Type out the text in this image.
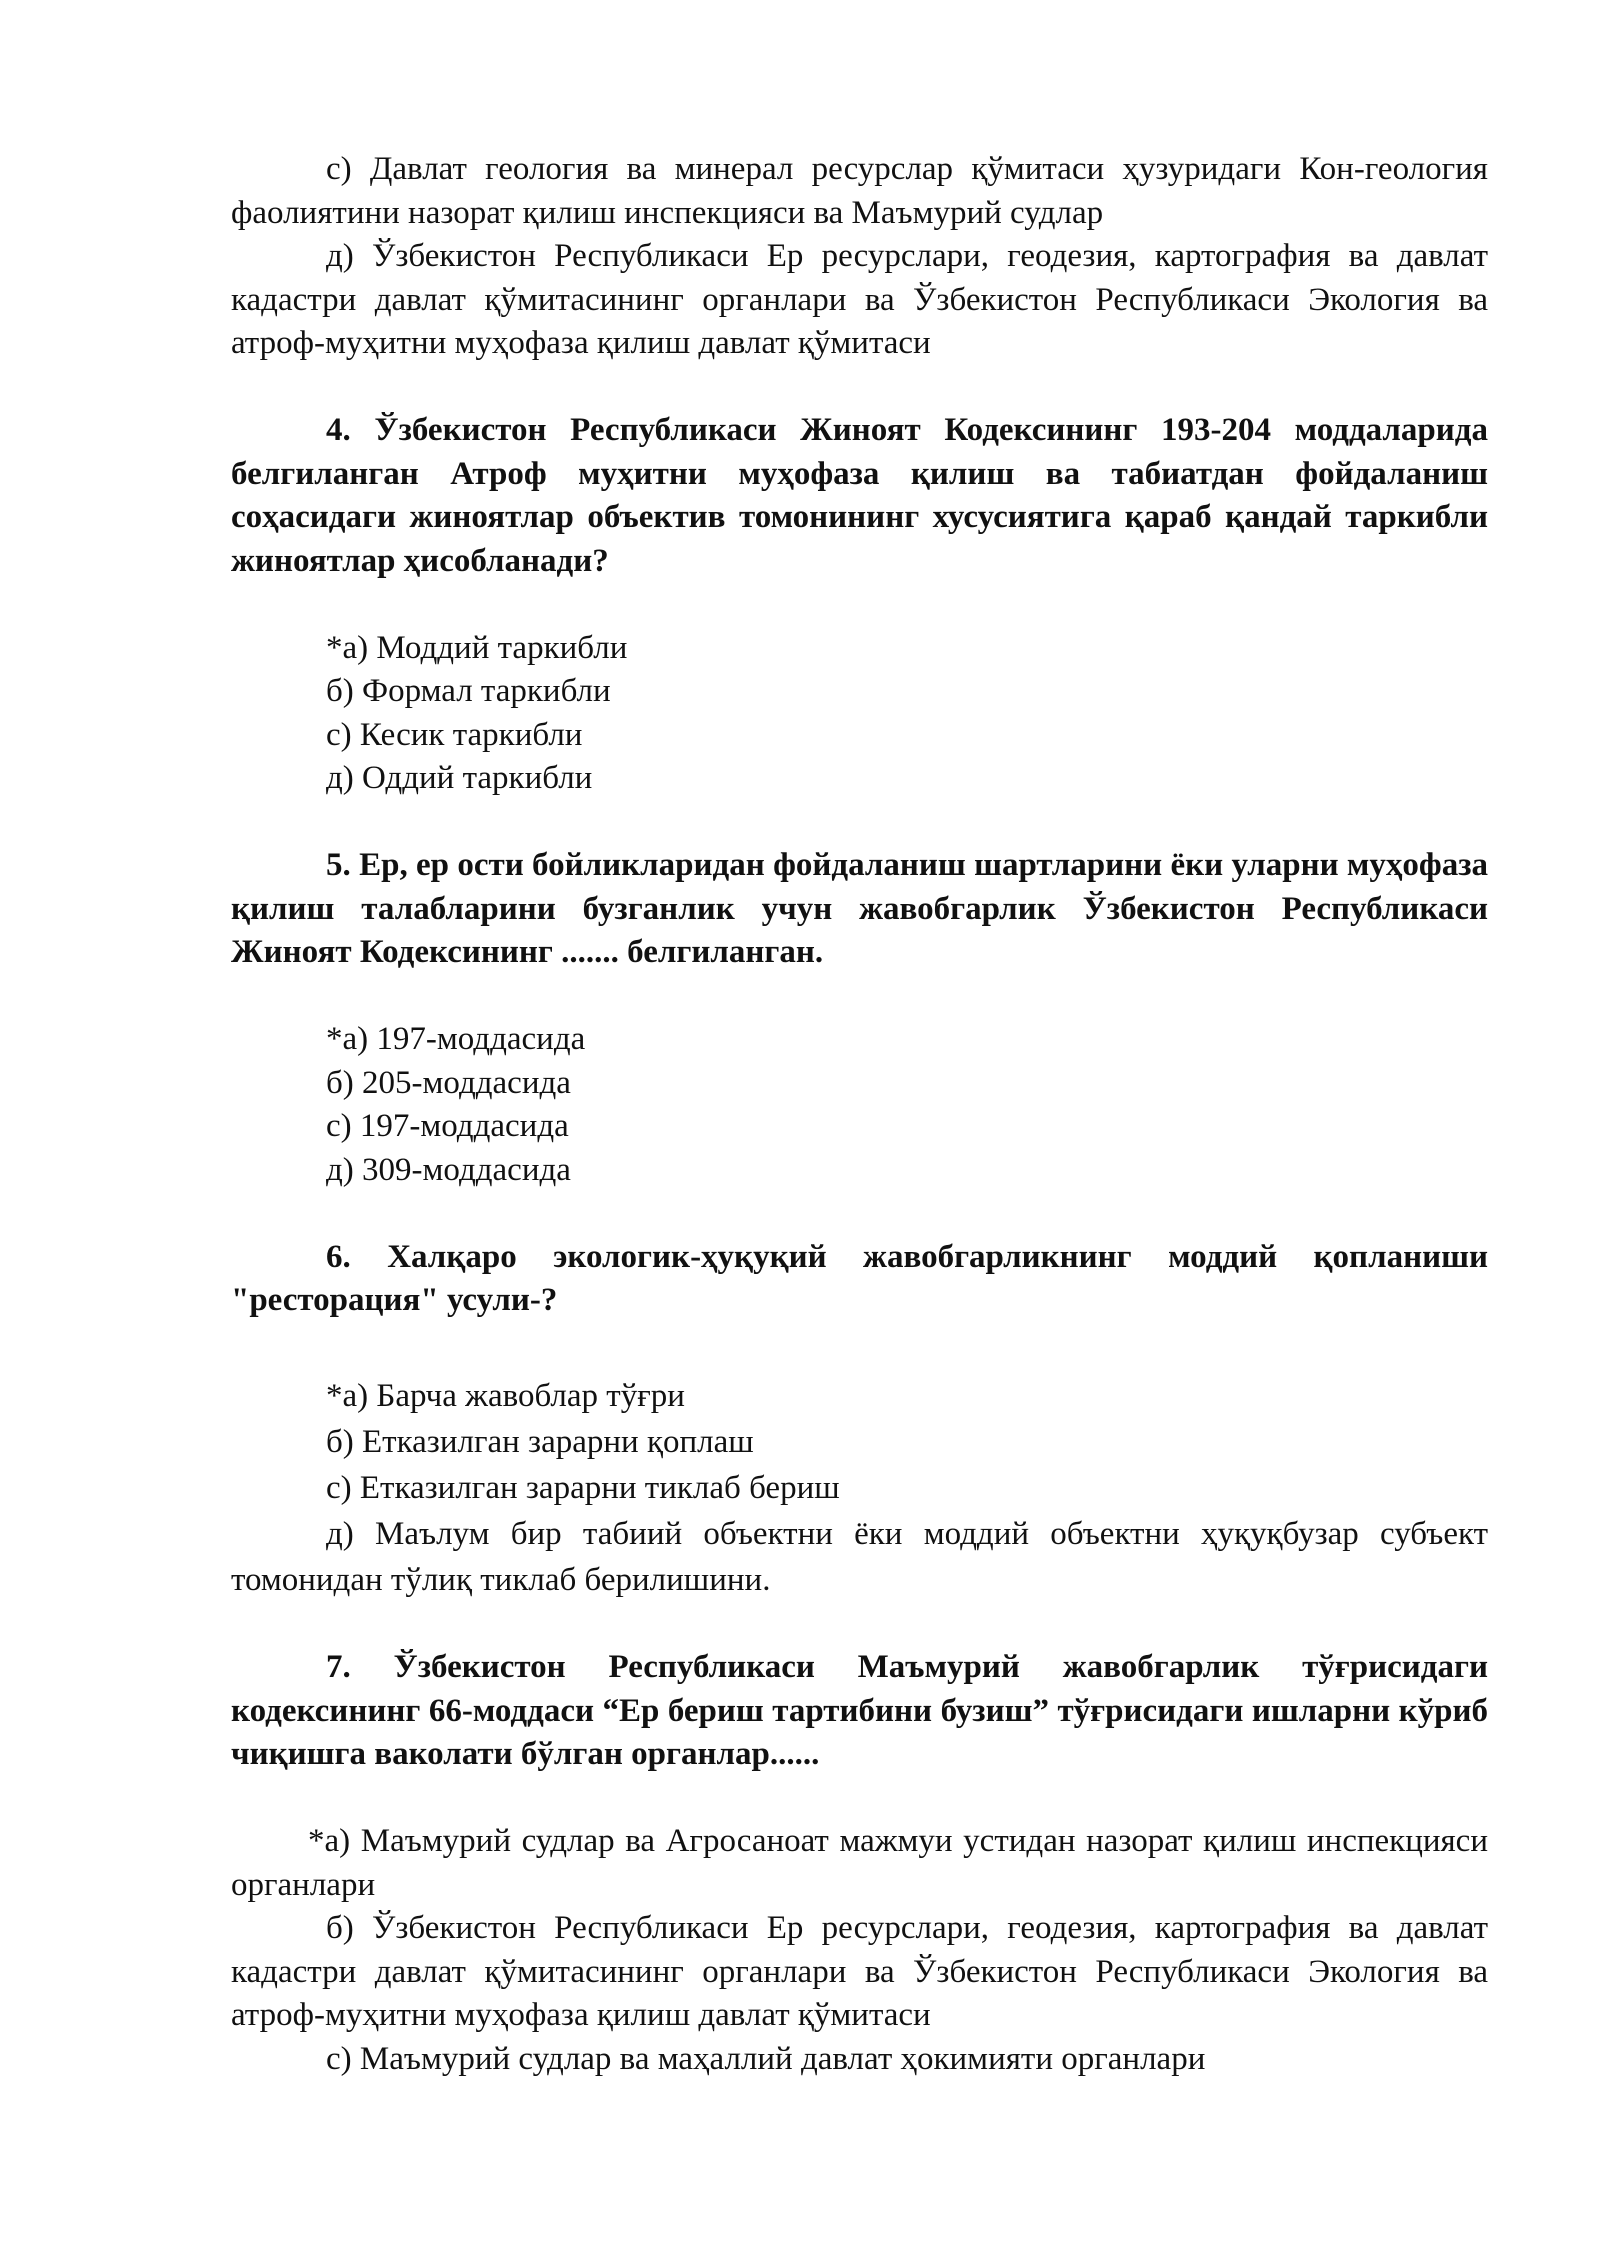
с) Давлат геология ва минерал ресурслар қўмитаси ҳузуридаги Кон-геология фаолиятини назорат қилиш инспекцияси ва Маъмурий судлар

д) Ўзбекистон Республикаси Ер ресурслари, геодезия, картография ва давлат кадастри давлат қўмитасининг органлари ва Ўзбекистон Республикаси Экология ва атроф-муҳитни муҳофаза қилиш давлат қўмитаси

4. Ўзбекистон Республикаси Жиноят Кодексининг 193-204 моддаларида белгиланган Атроф муҳитни муҳофаза қилиш ва табиатдан фойдаланиш соҳасидаги жиноятлар объектив томонининг хусусиятига қараб қандай таркибли жиноятлар ҳисобланади?

*а) Моддий таркибли

б) Формал таркибли

с) Кесик таркибли

д) Оддий таркибли

5. Ер, ер ости бойликларидан фойдаланиш шартларини ёки уларни муҳофаза қилиш талабларини бузганлик учун жавобгарлик Ўзбекистон Республикаси Жиноят Кодексининг ....... белгиланган.

*а) 197-моддасида

б) 205-моддасида

с) 197-моддасида

д) 309-моддасида

6. Халқаро экологик-ҳуқуқий жавобгарликнинг моддий қопланиши "ресторация" усули-?

*а) Барча жавоблар тўғри

б) Етказилган зарарни қоплаш

с) Етказилган зарарни тиклаб бериш

д) Маълум бир табиий объектни ёки моддий объектни ҳуқуқбузар субъект томонидан тўлиқ тиклаб берилишини.

7. Ўзбекистон Республикаси Маъмурий жавобгарлик тўғрисидаги кодексининг 66-моддаси “Ер бериш тартибини бузиш” тўғрисидаги ишларни кўриб чиқишга ваколати бўлган органлар......

*а) Маъмурий судлар ва Агросаноат мажмуи устидан назорат қилиш инспекцияси органлари

б) Ўзбекистон Республикаси Ер ресурслари, геодезия, картография ва давлат кадастри давлат қўмитасининг органлари ва Ўзбекистон Республикаси Экология ва атроф-муҳитни муҳофаза қилиш давлат қўмитаси

с) Маъмурий судлар ва маҳаллий давлат ҳокимияти органлари
